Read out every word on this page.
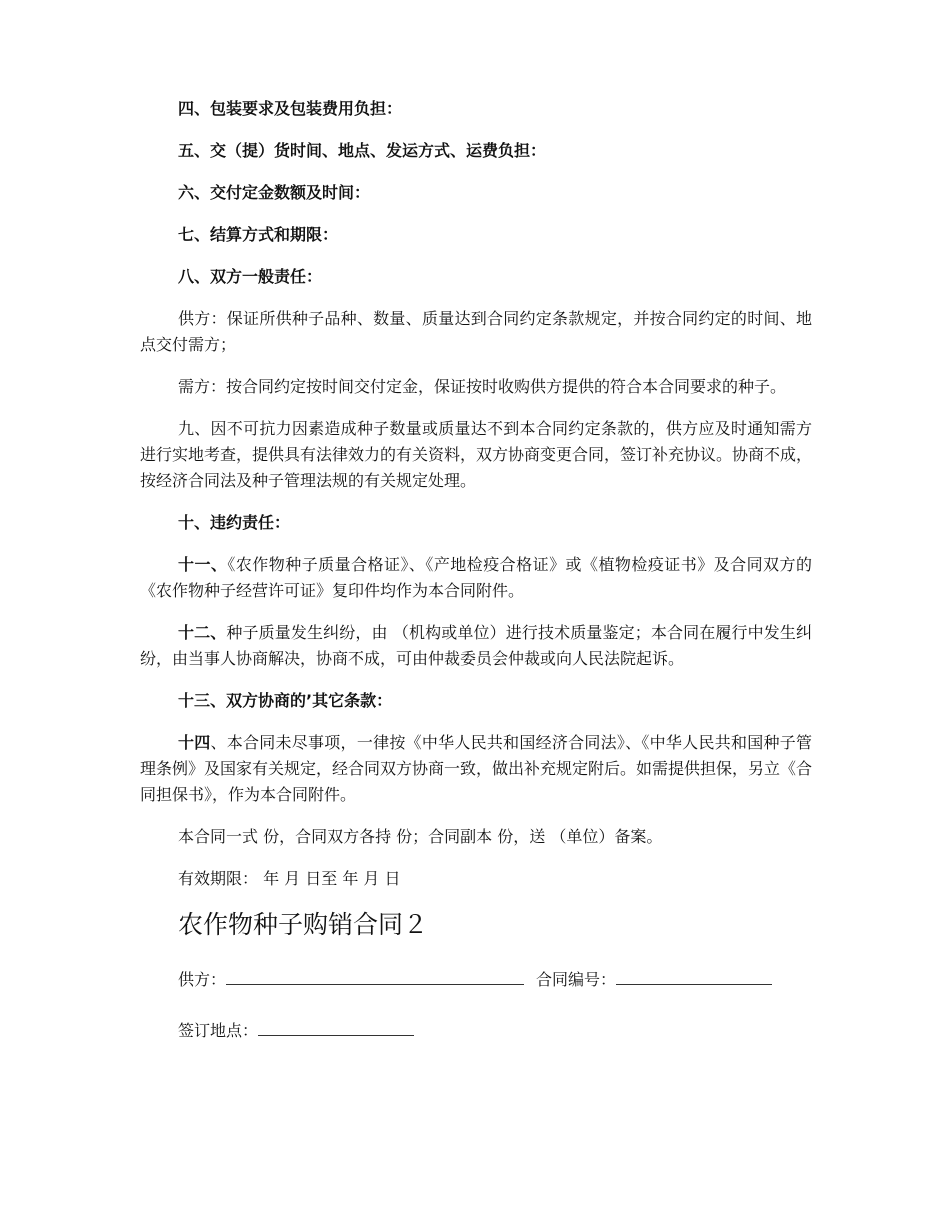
四、包装要求及包装费用负担：

五、交（提）货时间、地点、发运方式、运费负担：

六、交付定金数额及时间：

七、结算方式和期限：

八、双方一般责任：

供方：保证所供种子品种、数量、质量达到合同约定条款规定，并按合同约定的时间、地点交付需方；

需方：按合同约定按时间交付定金，保证按时收购供方提供的符合本合同要求的种子。

九、因不可抗力因素造成种子数量或质量达不到本合同约定条款的，供方应及时通知需方进行实地考查，提供具有法律效力的有关资料，双方协商变更合同，签订补充协议。协商不成，按经济合同法及种子管理法规的有关规定处理。

十、违约责任：

十一、《农作物种子质量合格证》、《产地检疫合格证》或《植物检疫证书》及合同双方的《农作物种子经营许可证》复印件均作为本合同附件。

十二、种子质量发生纠纷，由 （机构或单位）进行技术质量鉴定；本合同在履行中发生纠纷，由当事人协商解决，协商不成，可由仲裁委员会仲裁或向人民法院起诉。

十三、双方协商的’其它条款：

十四、本合同未尽事项，一律按《中华人民共和国经济合同法》、《中华人民共和国种子管理条例》及国家有关规定，经合同双方协商一致，做出补充规定附后。如需提供担保，另立《合同担保书》，作为本合同附件。

本合同一式 份，合同双方各持 份；合同副本 份，送 （单位）备案。

有效期限： 年 月 日至 年 月 日

农作物种子购销合同２

供方：	合同编号：

签订地点：
